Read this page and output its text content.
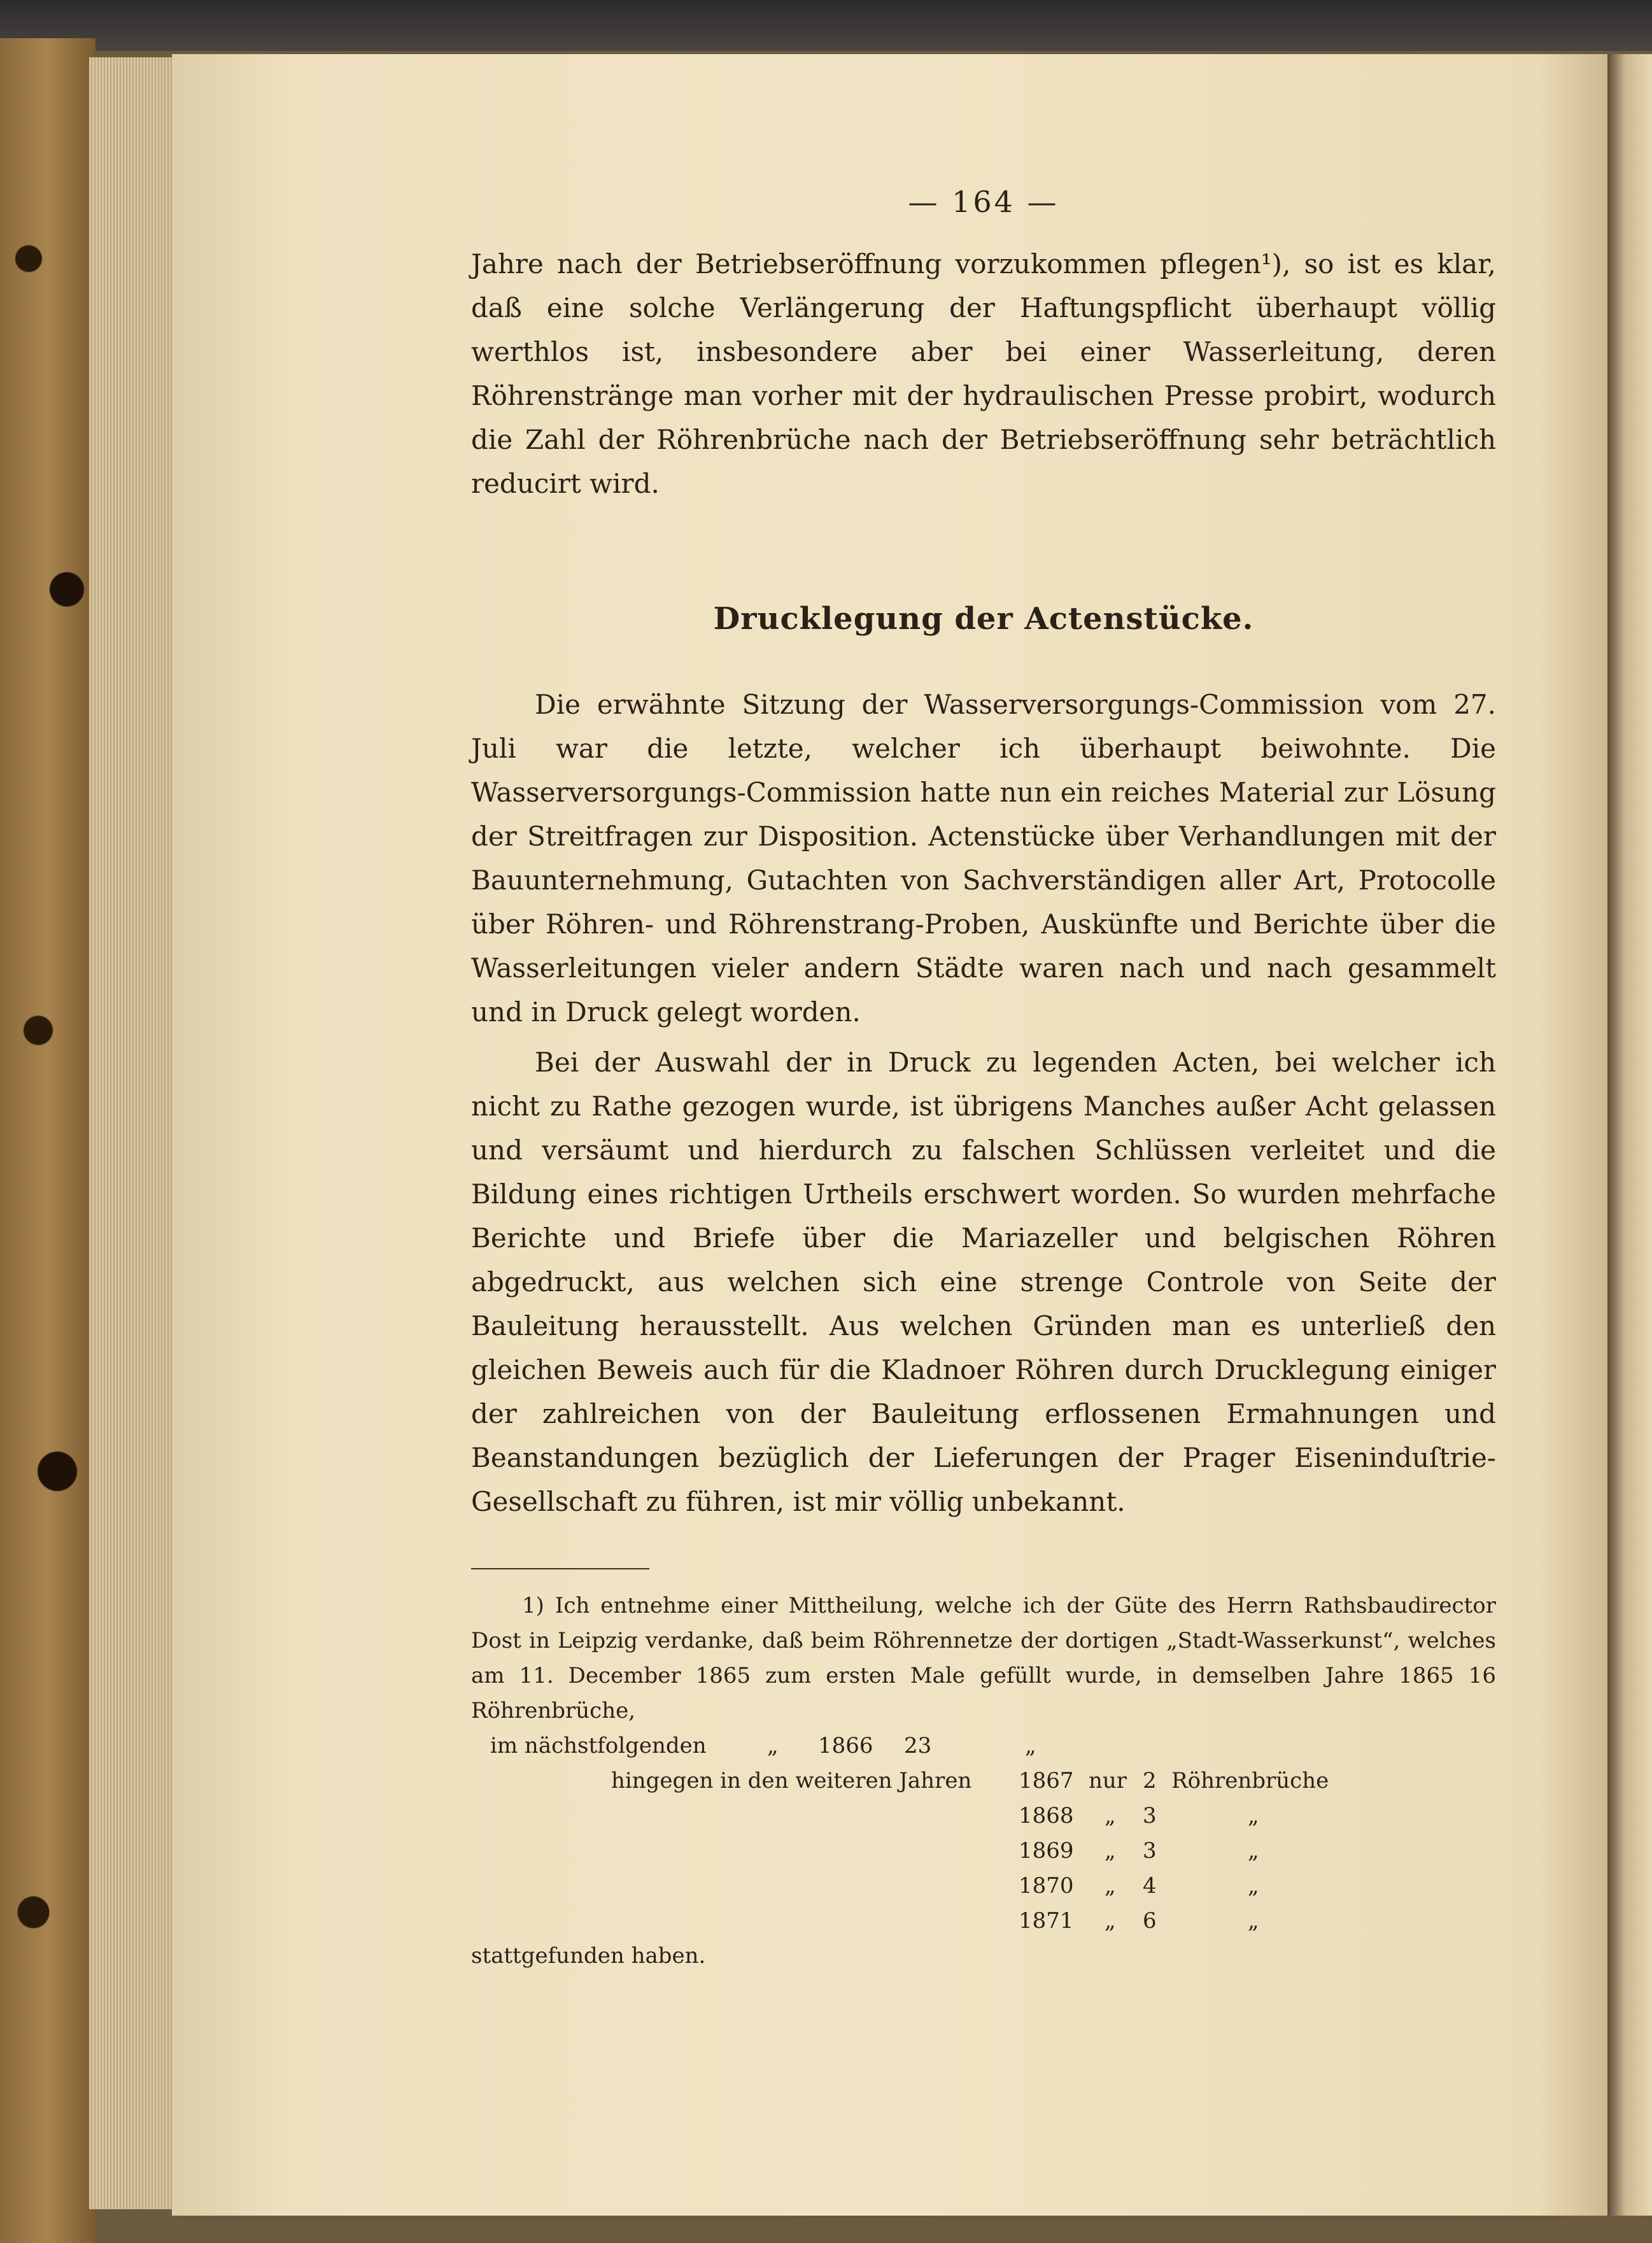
— 164 —

Jahre nach der Betriebseröffnung vorzukommen pflegen¹), so ist es klar, daß eine solche Verlängerung der Haftungspflicht überhaupt völlig werthlos ist, insbesondere aber bei einer Wasserleitung, deren Röhrenstränge man vorher mit der hydraulischen Presse probirt, wodurch die Zahl der Röhrenbrüche nach der Betriebseröffnung sehr beträchtlich reducirt wird.

Drucklegung der Actenstücke.

Die erwähnte Sitzung der Wasserversorgungs-Commission vom 27. Juli war die letzte, welcher ich überhaupt beiwohnte. Die Wasserversorgungs-Commission hatte nun ein reiches Material zur Lösung der Streitfragen zur Disposition. Actenstücke über Verhandlungen mit der Bauunternehmung, Gutachten von Sachverständigen aller Art, Protocolle über Röhren- und Röhrenstrang-Proben, Auskünfte und Berichte über die Wasserleitungen vieler andern Städte waren nach und nach gesammelt und in Druck gelegt worden.

Bei der Auswahl der in Druck zu legenden Acten, bei welcher ich nicht zu Rathe gezogen wurde, ist übrigens Manches außer Acht gelassen und versäumt und hierdurch zu falschen Schlüssen verleitet und die Bildung eines richtigen Urtheils erschwert worden. So wurden mehrfache Berichte und Briefe über die Mariazeller und belgischen Röhren abgedruckt, aus welchen sich eine strenge Controle von Seite der Bauleitung herausstellt. Aus welchen Gründen man es unterließ den gleichen Beweis auch für die Kladnoer Röhren durch Drucklegung einiger der zahlreichen von der Bauleitung erflossenen Ermahnungen und Beanstandungen bezüglich der Lieferungen der Prager Eiseninduſtrie-Gesellschaft zu führen, ist mir völlig unbekannt.

1) Ich entnehme einer Mittheilung, welche ich der Güte des Herrn Rathsbaudirector Dost in Leipzig verdanke, daß beim Röhrennetze der dortigen „Stadt-Wasserkunst“, welches am 11. December 1865 zum ersten Male gefüllt wurde, in demselben Jahre 1865 16 Röhrenbrüche,

im nächstfolgenden	„ 1866 23	„
hingegen in den weiteren Jahren 1867 nur 2 Röhrenbrüche
1868 „ 3	„
1869 „ 3	„
1870 „ 4	„
1871 „ 6	„
stattgefunden haben.
